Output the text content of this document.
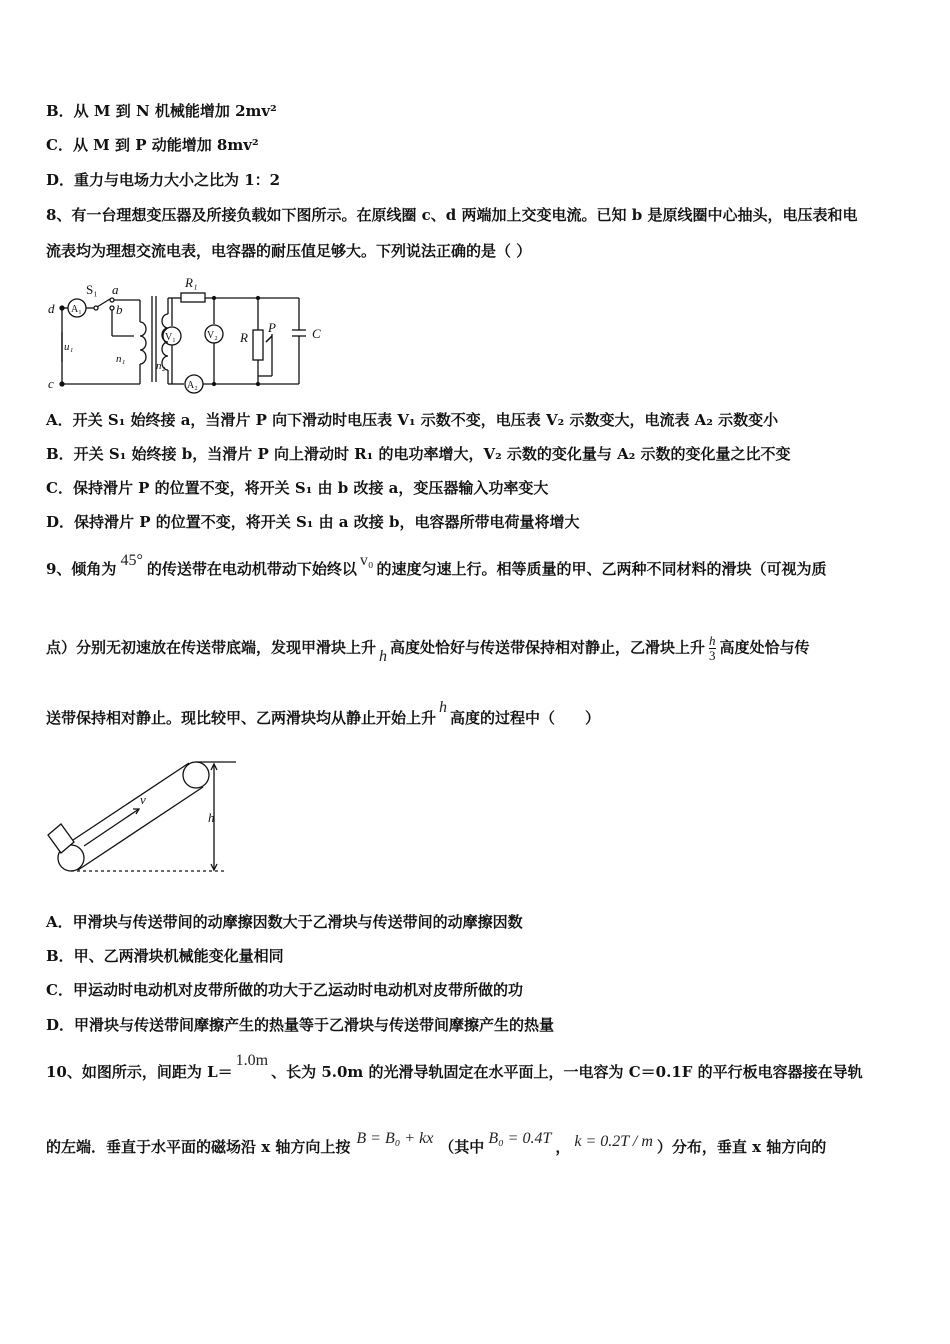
B．从 M 到 N 机械能增加 2mv²
C．从 M 到 P 动能增加 8mv²
D．重力与电场力大小之比为 1：2
8、有一台理想变压器及所接负载如下图所示。在原线圈 c、d 两端加上交变电流。已知 b 是原线圈中心抽头，电压表和电
流表均为理想交流电表，电容器的耐压值足够大。下列说法正确的是（ ）
d
c
A₁
S₁ a
b
u₁
n₁
n₂
R₁
V₁	V₂
A₂
R
P	C
A．开关 S₁ 始终接 a，当滑片 P 向下滑动时电压表 V₁ 示数不变，电压表 V₂ 示数变大，电流表 A₂ 示数变小
B．开关 S₁ 始终接 b，当滑片 P 向上滑动时 R₁ 的电功率增大，V₂ 示数的变化量与 A₂ 示数的变化量之比不变
C．保持滑片 P 的位置不变，将开关 S₁ 由 b 改接 a，变压器输入功率变大
D．保持滑片 P 的位置不变，将开关 S₁ 由 a 改接 b，电容器所带电荷量将增大
9、倾角为 45° 的传送带在电动机带动下始终以 v₀ 的速度匀速上行。相等质量的甲、乙两种不同材料的滑块（可视为质
点）分别无初速放在传送带底端，发现甲滑块上升 h 高度处恰好与传送带保持相对静止，乙滑块上升 $\frac{h}{3}$ 高度处恰与传
送带保持相对静止。现比较甲、乙两滑块均从静止开始上升h高度的过程中（　　）
v
h
A．甲滑块与传送带间的动摩擦因数大于乙滑块与传送带间的动摩擦因数
B．甲、乙两滑块机械能变化量相同
C．甲运动时电动机对皮带所做的功大于乙运动时电动机对皮带所做的功
D．甲滑块与传送带间摩擦产生的热量等于乙滑块与传送带间摩擦产生的热量
10、如图所示，间距为 L＝1.0m、长为 5.0m 的光滑导轨固定在水平面上，一电容为 C＝0.1F 的平行板电容器接在导轨
的左端．垂直于水平面的磁场沿 x 轴方向上按 B = B₀ + kx （其中 B₀ = 0.4T ， k = 0.2T / m ）分布，垂直 x 轴方向的
